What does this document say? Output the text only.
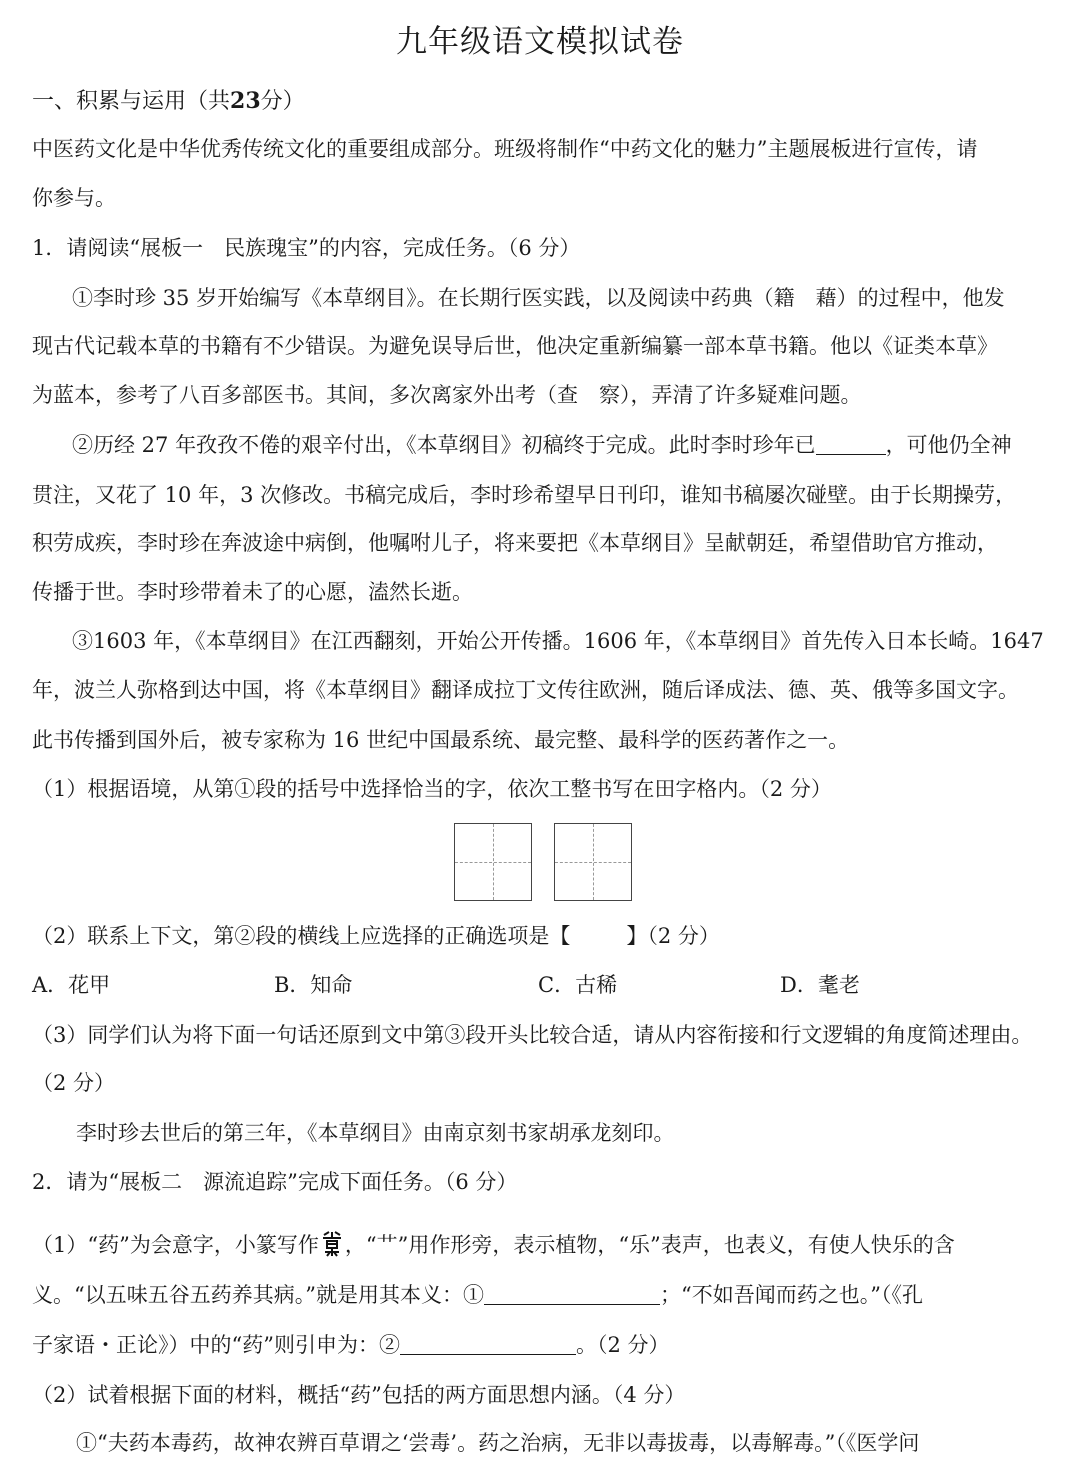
九年级语文模拟试卷
一、积累与运用（共23分）
中医药文化是中华优秀传统文化的重要组成部分。班级将制作“中药文化的魅力”主题展板进行宣传，请
你参与。
1．请阅读“展板一　民族瑰宝”的内容，完成任务。（6 分）
①李时珍 35 岁开始编写《本草纲目》。在长期行医实践，以及阅读中药典（籍　藉）的过程中，他发
现古代记载本草的书籍有不少错误。为避免误导后世，他决定重新编纂一部本草书籍。他以《证类本草》
为蓝本，参考了八百多部医书。其间，多次离家外出考（查　察），弄清了许多疑难问题。
②历经 27 年孜孜不倦的艰辛付出，《本草纲目》初稿终于完成。此时李时珍年已	，可他仍全神
贯注，又花了 10 年，3 次修改。书稿完成后，李时珍希望早日刊印，谁知书稿屡次碰壁。由于长期操劳，
积劳成疾，李时珍在奔波途中病倒，他嘱咐儿子，将来要把《本草纲目》呈献朝廷，希望借助官方推动，
传播于世。李时珍带着未了的心愿，溘然长逝。
③1603 年，《本草纲目》在江西翻刻，开始公开传播。1606 年，《本草纲目》首先传入日本长崎。1647
年，波兰人弥格到达中国，将《本草纲目》翻译成拉丁文传往欧洲，随后译成法、德、英、俄等多国文字。
此书传播到国外后，被专家称为 16 世纪中国最系统、最完整、最科学的医药著作之一。
（1）根据语境，从第①段的括号中选择恰当的字，依次工整书写在田字格内。（2 分）
（2）联系上下文，第②段的横线上应选择的正确选项是【	】（2 分）
A．花甲	B．知命	C．古稀	D．耄老
（3）同学们认为将下面一句话还原到文中第③段开头比较合适，请从内容衔接和行文逻辑的角度简述理由。
（2 分）
李时珍去世后的第三年，《本草纲目》由南京刻书家胡承龙刻印。
2．请为“展板二　源流追踪”完成下面任务。（6 分）
（1）“药”为会意字，小篆写作 ，“艹”用作形旁，表示植物，“乐”表声，也表义，有使人快乐的含
义。“以五味五谷五药养其病。”就是用其本义：①	；“不如吾闻而药之也。”（《孔
子家语・正论》）中的“药”则引申为：②	。（2 分）
（2）试着根据下面的材料，概括“药”包括的两方面思想内涵。（4 分）
①“夫药本毒药，故神农辨百草谓之‘尝毒’。药之治病，无非以毒拔毒，以毒解毒。”（《医学问
